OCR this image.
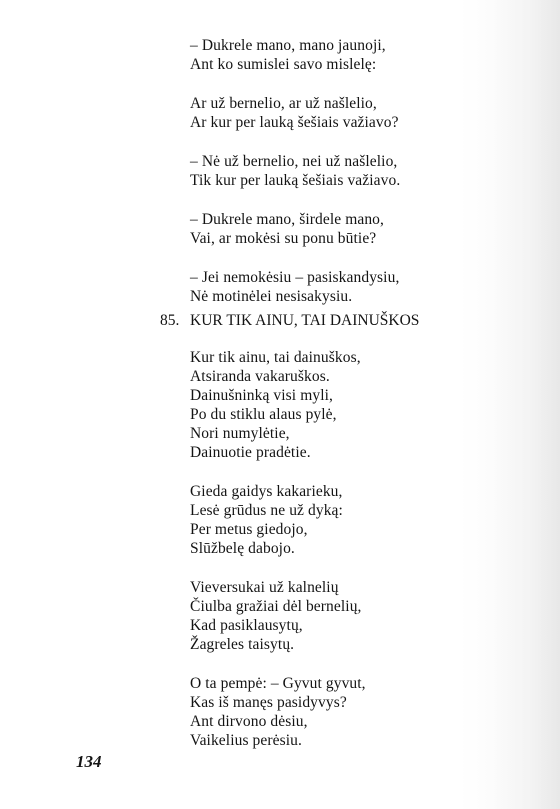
– Dukrele mano, mano jaunoji,
Ant ko sumislei savo mislelę:
Ar už bernelio, ar už našlelio,
Ar kur per lauką šešiais važiavo?
– Nė už bernelio, nei už našlelio,
Tik kur per lauką šešiais važiavo.
– Dukrele mano, širdele mano,
Vai, ar mokėsi su ponu būtie?
– Jei nemokėsiu – pasiskandysiu,
Nė motinėlei nesisakysiu.
85. KUR TIK AINU, TAI DAINUŠKOS
Kur tik ainu, tai dainuškos,
Atsiranda vakaruškos.
Dainušninką visi myli,
Po du stiklu alaus pylė,
Nori numylėtie,
Dainuotie pradėtie.
Gieda gaidys kakarieku,
Lesė grūdus ne už dyką:
Per metus giedojo,
Slūžbelę dabojo.
Vieversukai už kalnelių
Čiulba gražiai dėl bernelių,
Kad pasiklausytų,
Žagreles taisytų.
O ta pempė: – Gyvut gyvut,
Kas iš manęs pasidyvys?
Ant dirvono dėsiu,
Vaikelius perėsiu.
134
